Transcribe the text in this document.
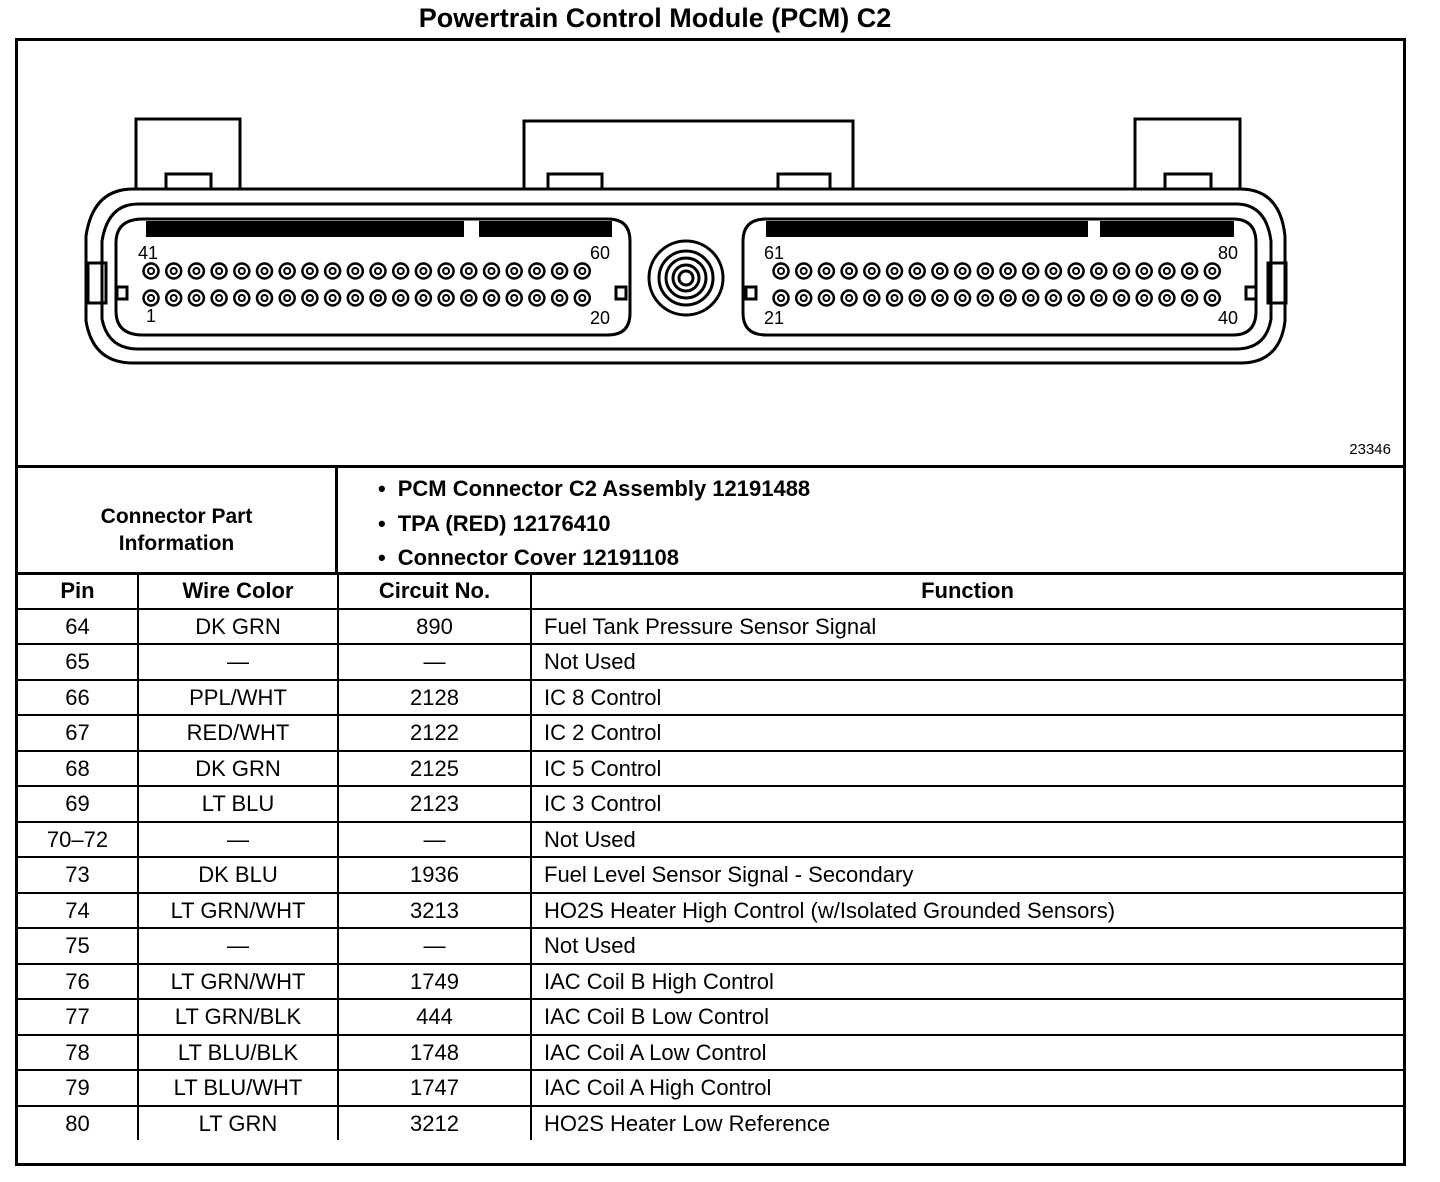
Powertrain Control Module (PCM) C2
41	60
1	20
61	80
21	40
23346
Connector Part
Information
• PCM Connector C2 Assembly 12191488
• TPA (RED) 12176410
• Connector Cover 12191108
Pin	Wire Color	Circuit No.	Function
64	DK GRN	890	Fuel Tank Pressure Sensor Signal
65	—	—	Not Used
66	PPL/WHT	2128	IC 8 Control
67	RED/WHT	2122	IC 2 Control
68	DK GRN	2125	IC 5 Control
69	LT BLU	2123	IC 3 Control
70–72	—	—	Not Used
73	DK BLU	1936	Fuel Level Sensor Signal - Secondary
74	LT GRN/WHT	3213	HO2S Heater High Control (w/Isolated Grounded Sensors)
75	—	—	Not Used
76	LT GRN/WHT	1749	IAC Coil B High Control
77	LT GRN/BLK	444	IAC Coil B Low Control
78	LT BLU/BLK	1748	IAC Coil A Low Control
79	LT BLU/WHT	1747	IAC Coil A High Control
80	LT GRN	3212	HO2S Heater Low Reference
